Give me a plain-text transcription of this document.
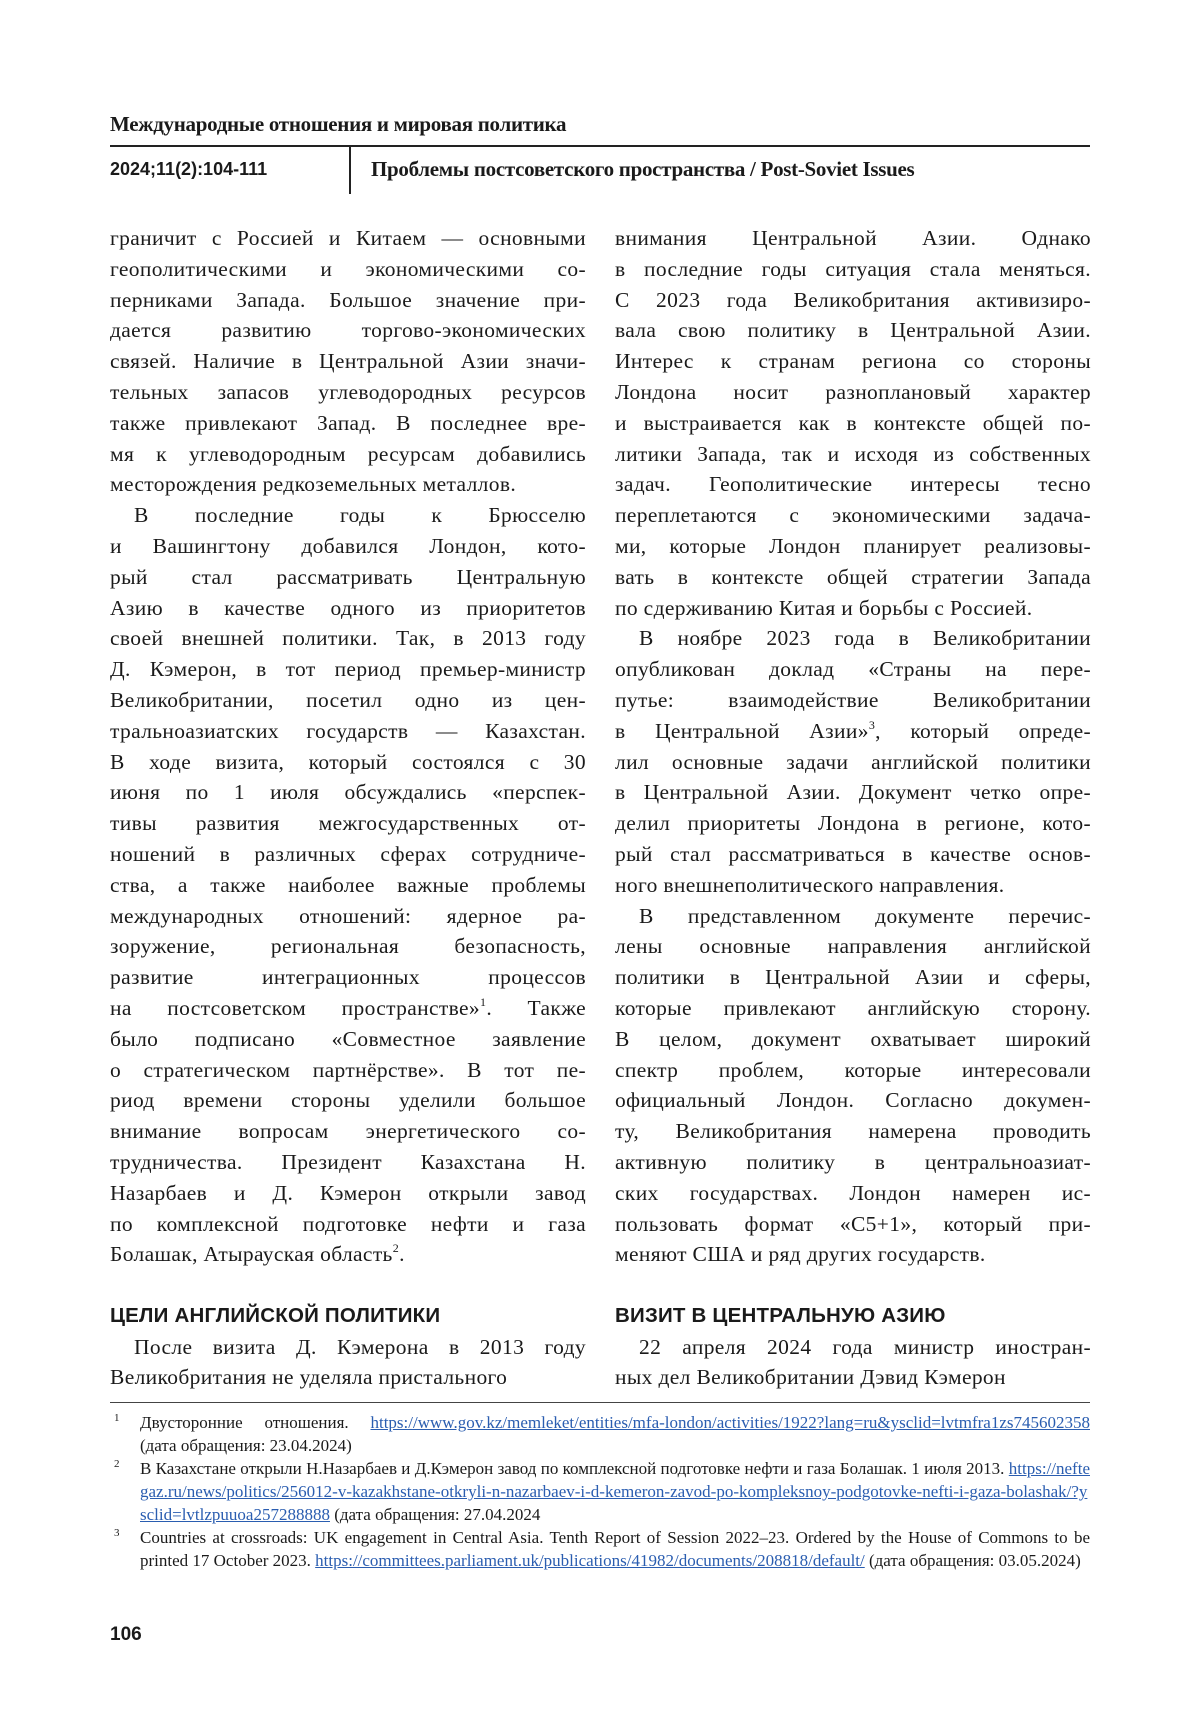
Международные отношения и мировая политика
2024;11(2):104-111	Проблемы постсоветского пространства / Post-Soviet Issues
граничит с Россией и Китаем — основными
геополитическими и экономическими со-
перниками Запада. Большое значение при-
дается развитию торгово-экономических
связей. Наличие в Центральной Азии значи-
тельных запасов углеводородных ресурсов
также привлекают Запад. В последнее вре-
мя к углеводородным ресурсам добавились
месторождения редкоземельных металлов.
В последние годы к Брюсселю
и Вашингтону добавился Лондон, кото-
рый стал рассматривать Центральную
Азию в качестве одного из приоритетов
своей внешней политики. Так, в 2013 году
Д. Кэмерон, в тот период премьер-министр
Великобритании, посетил одно из цен-
тральноазиатских государств — Казахстан.
В ходе визита, который состоялся с 30
июня по 1 июля обсуждались «перспек-
тивы развития межгосударственных от-
ношений в различных сферах сотрудниче-
ства, а также наиболее важные проблемы
международных отношений: ядерное ра-
зоружение, региональная безопасность,
развитие интеграционных процессов
на постсоветском пространстве»1. Также
было подписано «Совместное заявление
о стратегическом партнёрстве». В тот пе-
риод времени стороны уделили большое
внимание вопросам энергетического со-
трудничества. Президент Казахстана Н.
Назарбаев и Д. Кэмерон открыли завод
по комплексной подготовке нефти и газа
Болашак, Атырауская область2.
ЦЕЛИ АНГЛИЙСКОЙ ПОЛИТИКИ
После визита Д. Кэмерона в 2013 году
Великобритания не уделяла пристального
внимания Центральной Азии. Однако
в последние годы ситуация стала меняться.
С 2023 года Великобритания активизиро-
вала свою политику в Центральной Азии.
Интерес к странам региона со стороны
Лондона носит разноплановый характер
и выстраивается как в контексте общей по-
литики Запада, так и исходя из собственных
задач. Геополитические интересы тесно
переплетаются с экономическими задача-
ми, которые Лондон планирует реализовы-
вать в контексте общей стратегии Запада
по сдерживанию Китая и борьбы с Россией.
В ноябре 2023 года в Великобритании
опубликован доклад «Страны на пере-
путье: взаимодействие Великобритании
в Центральной Азии»3, который опреде-
лил основные задачи английской политики
в Центральной Азии. Документ четко опре-
делил приоритеты Лондона в регионе, кото-
рый стал рассматриваться в качестве основ-
ного внешнеполитического направления.
В представленном документе перечис-
лены основные направления английской
политики в Центральной Азии и сферы,
которые привлекают английскую сторону.
В целом, документ охватывает широкий
спектр проблем, которые интересовали
официальный Лондон. Согласно докумен-
ту, Великобритания намерена проводить
активную политику в центральноазиат-
ских государствах. Лондон намерен ис-
пользовать формат «С5+1», который при-
меняют США и ряд других государств.
ВИЗИТ В ЦЕНТРАЛЬНУЮ АЗИЮ
22 апреля 2024 года министр иностран-
ных дел Великобритании Дэвид Кэмерон
1 Двусторонние отношения. https://www.gov.kz/memleket/entities/mfa-london/activities/1922?lang=ru&ysclid=lvtmfra1zs745602358 (дата обращения: 23.04.2024)
2 В Казахстане открыли Н.Назарбаев и Д.Кэмерон завод по комплексной подготовке нефти и газа Болашак. 1 июля 2013. https://neftegaz.ru/news/politics/256012-v-kazakhstane-otkryli-n-nazarbaev-i-d-kemeron-zavod-po-kompleksnoy-podgotovke-nefti-i-gaza-bolashak/?ysclid=lvtlzpuuoa257288888 (дата обращения: 27.04.2024
3 Countries at crossroads: UK engagement in Central Asia. Tenth Report of Session 2022–23. Ordered by the House of Commons to be printed 17 October 2023. https://committees.parliament.uk/publications/41982/documents/208818/default/ (дата обращения: 03.05.2024)
106
